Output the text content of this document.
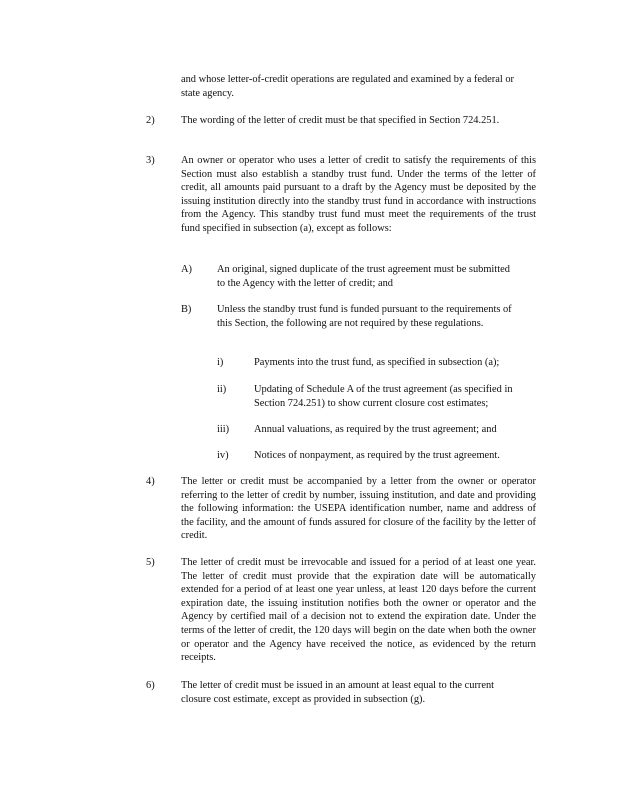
and whose letter-of-credit operations are regulated and examined by a federal or state agency.

2)	The wording of the letter of credit must be that specified in Section 724.251.

3)	An owner or operator who uses a letter of credit to satisfy the requirements of this Section must also establish a standby trust fund. Under the terms of the letter of credit, all amounts paid pursuant to a draft by the Agency must be deposited by the issuing institution directly into the standby trust fund in accordance with instructions from the Agency. This standby trust fund must meet the requirements of the trust fund specified in subsection (a), except as follows:

A) An original, signed duplicate of the trust agreement must be submitted to the Agency with the letter of credit; and

B) Unless the standby trust fund is funded pursuant to the requirements of this Section, the following are not required by these regulations.

i)	Payments into the trust fund, as specified in subsection (a);

ii)	Updating of Schedule A of the trust agreement (as specified in Section 724.251) to show current closure cost estimates;

iii) Annual valuations, as required by the trust agreement; and

iv) Notices of nonpayment, as required by the trust agreement.

4)	The letter or credit must be accompanied by a letter from the owner or operator referring to the letter of credit by number, issuing institution, and date and providing the following information: the USEPA identification number, name and address of the facility, and the amount of funds assured for closure of the facility by the letter of credit.

5)	The letter of credit must be irrevocable and issued for a period of at least one year. The letter of credit must provide that the expiration date will be automatically extended for a period of at least one year unless, at least 120 days before the current expiration date, the issuing institution notifies both the owner or operator and the Agency by certified mail of a decision not to extend the expiration date. Under the terms of the letter of credit, the 120 days will begin on the date when both the owner or operator and the Agency have received the notice, as evidenced by the return receipts.

6)	The letter of credit must be issued in an amount at least equal to the current closure cost estimate, except as provided in subsection (g).
